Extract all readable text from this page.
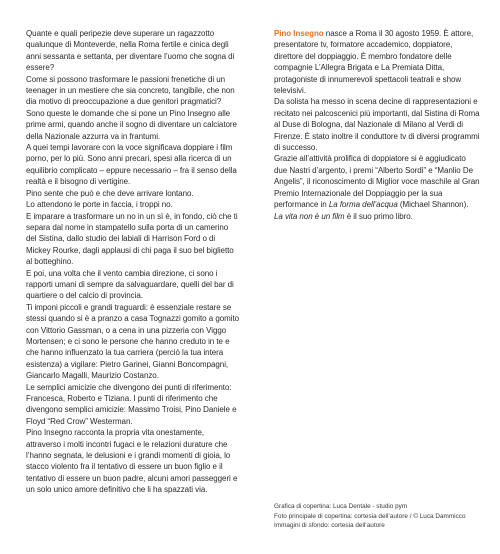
Quante e quali peripezie deve superare un ragazzotto qualunque di Monteverde, nella Roma fertile e cinica degli anni sessanta e settanta, per diventare l’uomo che sogna di essere?

Come si possono trasformare le passioni frenetiche di un teenager in un mestiere che sia concreto, tangibile, che non dia motivo di preoccupazione a due genitori pragmatici?

Sono queste le domande che si pone un Pino Insegno alle prime armi, quando anche il sogno di diventare un calciatore della Nazionale azzurra va in frantumi.

A quei tempi lavorare con la voce significava doppiare i film porno, per lo più. Sono anni precari, spesi alla ricerca di un equilibrio complicato – eppure necessario – fra il senso della realtà e il bisogno di vertigine.

Pino sente che può e che deve arrivare lontano.

Lo attendono le porte in faccia, i troppi no.

E imparare a trasformare un no in un sì è, in fondo, ciò che ti separa dal nome in stampatello sulla porta di un camerino del Sistina, dallo studio dei labiali di Harrison Ford o di Mickey Rourke, dagli applausi di chi paga il suo bel biglietto al botteghino.

E poi, una volta che il vento cambia direzione, ci sono i rapporti umani di sempre da salvaguardare, quelli del bar di quartiere o del calcio di provincia.

Ti imponi piccoli e grandi traguardi: è essenziale restare se stessi quando si è a pranzo a casa Tognazzi gomito a gomito con Vittorio Gassman, o a cena in una pizzeria con Viggo Mortensen; e ci sono le persone che hanno creduto in te e che hanno influenzato la tua carriera (perciò la tua intera esistenza) a vigilare: Pietro Garinei, Gianni Boncompagni, Giancarlo Magalli, Maurizio Costanzo.

Le semplici amicizie che divengono dei punti di riferimento: Francesca, Roberto e Tiziana. I punti di riferimento che divengono semplici amicizie: Massimo Troisi, Pino Daniele e Floyd “Red Crow” Westerman.

Pino Insegno racconta la propria vita onestamente, attraverso i molti incontri fugaci e le relazioni durature che l’hanno segnata, le delusioni e i grandi momenti di gioia, lo stacco violento fra il tentativo di essere un buon figlio e il tentativo di essere un buon padre, alcuni amori passeggeri e un solo unico amore definitivo che li ha spazzati via.

Pino Insegno nasce a Roma il 30 agosto 1959. È attore, presentatore tv, formatore accademico, doppiatore, direttore del doppiaggio. È membro fondatore delle compagnie L’Allegra Brigata e La Premiata Ditta, protagoniste di innumerevoli spettacoli teatrali e show televisivi.

Da solista ha messo in scena decine di rappresentazioni e recitato nei palcoscenici più importanti, dal Sistina di Roma al Duse di Bologna, dal Nazionale di Milano al Verdi di Firenze. È stato inoltre il conduttore tv di diversi programmi di successo.

Grazie all’attività prolifica di doppiatore si è aggiudicato due Nastri d’argento, i premi “Alberto Sordi” e “Manlio De Angelis”, il riconoscimento di Miglior voce maschile al Gran Premio Internazionale del Doppiaggio per la sua performance in La forma dell’acqua (Michael Shannon).

La vita non è un film è il suo primo libro.

Grafica di copertina: Luca Dentale - studio pym
Foto principale di copertina: cortesia dell’autore / © Luca Dammicco
Immagini di sfondo: cortesia dell’autore
